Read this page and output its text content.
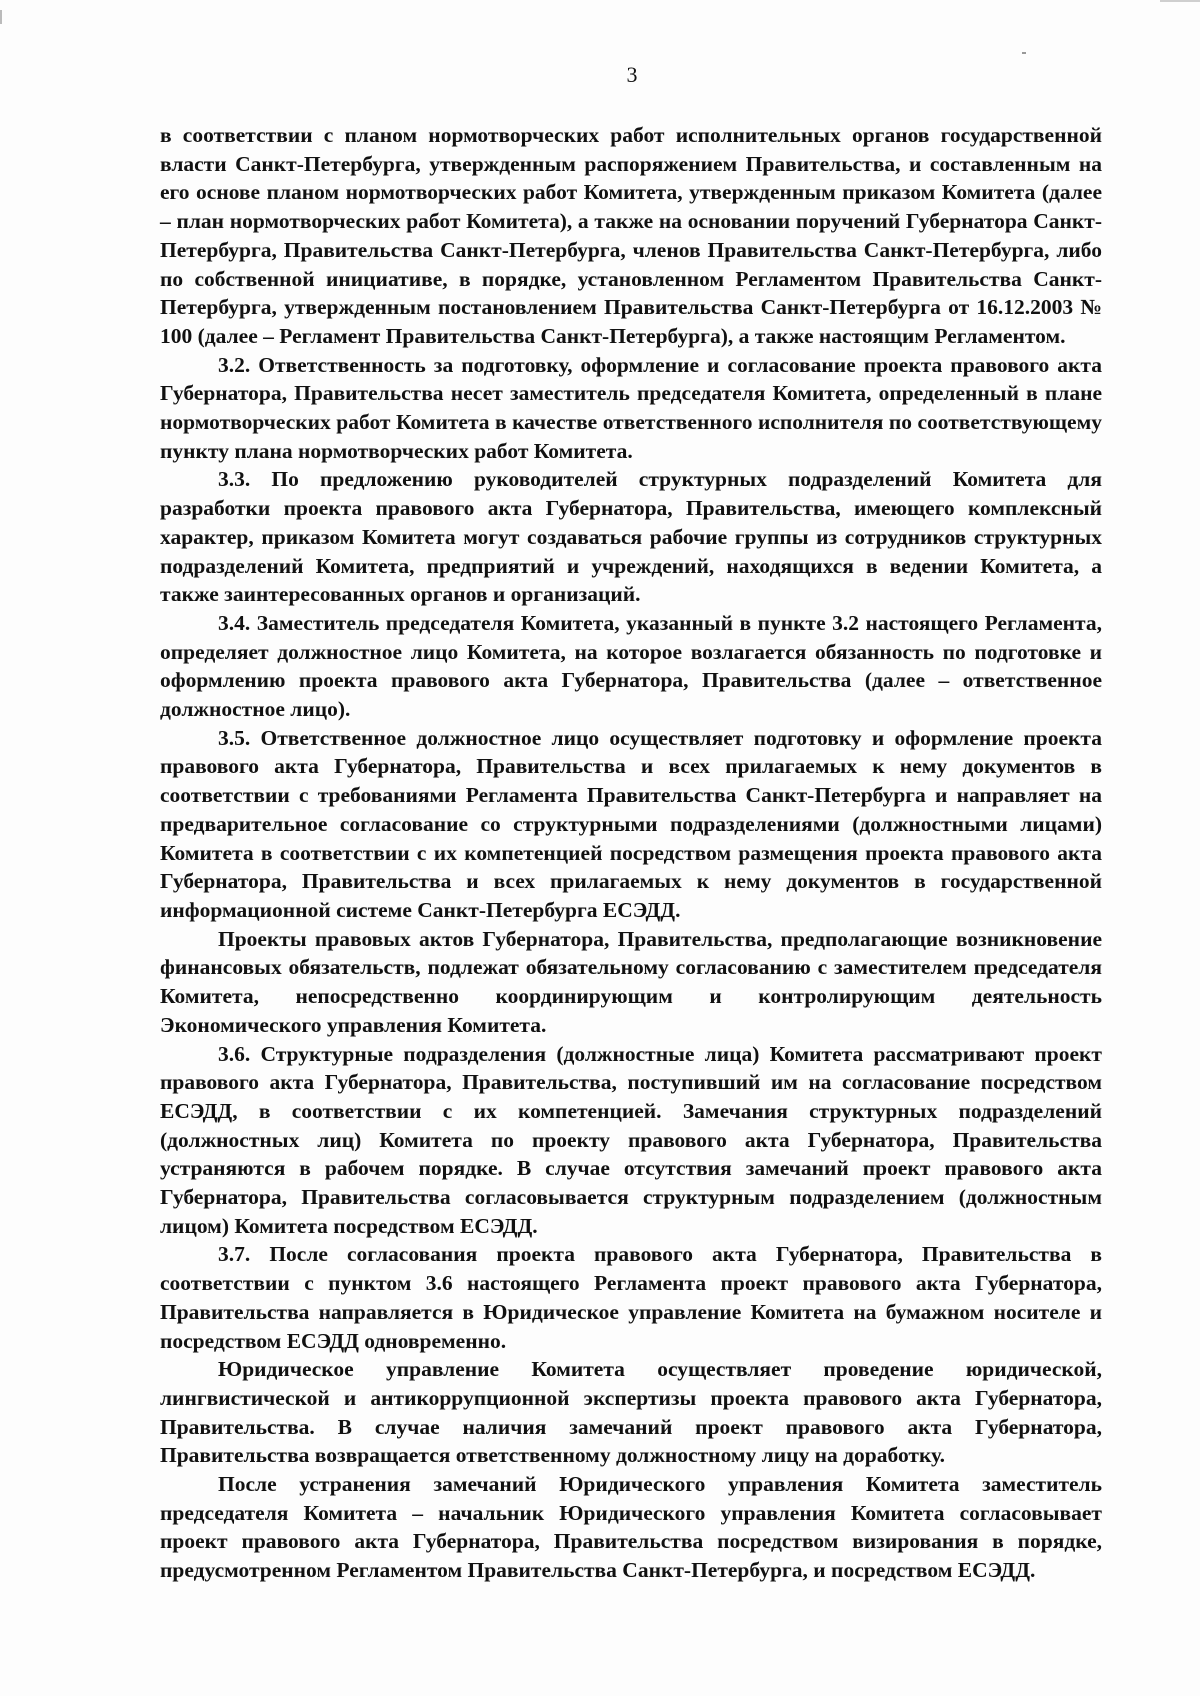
3

в соответствии с планом нормотворческих работ исполнительных органов государственной власти Санкт-Петербурга, утвержденным распоряжением Правительства, и составленным на его основе планом нормотворческих работ Комитета, утвержденным приказом Комитета (далее – план нормотворческих работ Комитета), а также на основании поручений Губернатора Санкт-Петербурга, Правительства Санкт-Петербурга, членов Правительства Санкт-Петербурга, либо по собственной инициативе, в порядке, установленном Регламентом Правительства Санкт-Петербурга, утвержденным постановлением Правительства Санкт-Петербурга от 16.12.2003 № 100 (далее – Регламент Правительства Санкт-Петербурга), а также настоящим Регламентом.

3.2. Ответственность за подготовку, оформление и согласование проекта правового акта Губернатора, Правительства несет заместитель председателя Комитета, определенный в плане нормотворческих работ Комитета в качестве ответственного исполнителя по соответствующему пункту плана нормотворческих работ Комитета.

3.3. По предложению руководителей структурных подразделений Комитета для разработки проекта правового акта Губернатора, Правительства, имеющего комплексный характер, приказом Комитета могут создаваться рабочие группы из сотрудников структурных подразделений Комитета, предприятий и учреждений, находящихся в ведении Комитета, а также заинтересованных органов и организаций.

3.4. Заместитель председателя Комитета, указанный в пункте 3.2 настоящего Регламента, определяет должностное лицо Комитета, на которое возлагается обязанность по подготовке и оформлению проекта правового акта Губернатора, Правительства (далее – ответственное должностное лицо).

3.5. Ответственное должностное лицо осуществляет подготовку и оформление проекта правового акта Губернатора, Правительства и всех прилагаемых к нему документов в соответствии с требованиями Регламента Правительства Санкт-Петербурга и направляет на предварительное согласование со структурными подразделениями (должностными лицами) Комитета в соответствии с их компетенцией посредством размещения проекта правового акта Губернатора, Правительства и всех прилагаемых к нему документов в государственной информационной системе Санкт-Петербурга ЕСЭДД.

Проекты правовых актов Губернатора, Правительства, предполагающие возникновение финансовых обязательств, подлежат обязательному согласованию с заместителем председателя Комитета, непосредственно координирующим и контролирующим деятельность Экономического управления Комитета.

3.6. Структурные подразделения (должностные лица) Комитета рассматривают проект правового акта Губернатора, Правительства, поступивший им на согласование посредством ЕСЭДД, в соответствии с их компетенцией. Замечания структурных подразделений (должностных лиц) Комитета по проекту правового акта Губернатора, Правительства устраняются в рабочем порядке. В случае отсутствия замечаний проект правового акта Губернатора, Правительства согласовывается структурным подразделением (должностным лицом) Комитета посредством ЕСЭДД.

3.7. После согласования проекта правового акта Губернатора, Правительства в соответствии с пунктом 3.6 настоящего Регламента проект правового акта Губернатора, Правительства направляется в Юридическое управление Комитета на бумажном носителе и посредством ЕСЭДД одновременно.

Юридическое управление Комитета осуществляет проведение юридической, лингвистической и антикоррупционной экспертизы проекта правового акта Губернатора, Правительства. В случае наличия замечаний проект правового акта Губернатора, Правительства возвращается ответственному должностному лицу на доработку.

После устранения замечаний Юридического управления Комитета заместитель председателя Комитета – начальник Юридического управления Комитета согласовывает проект правового акта Губернатора, Правительства посредством визирования в порядке, предусмотренном Регламентом Правительства Санкт-Петербурга, и посредством ЕСЭДД.
